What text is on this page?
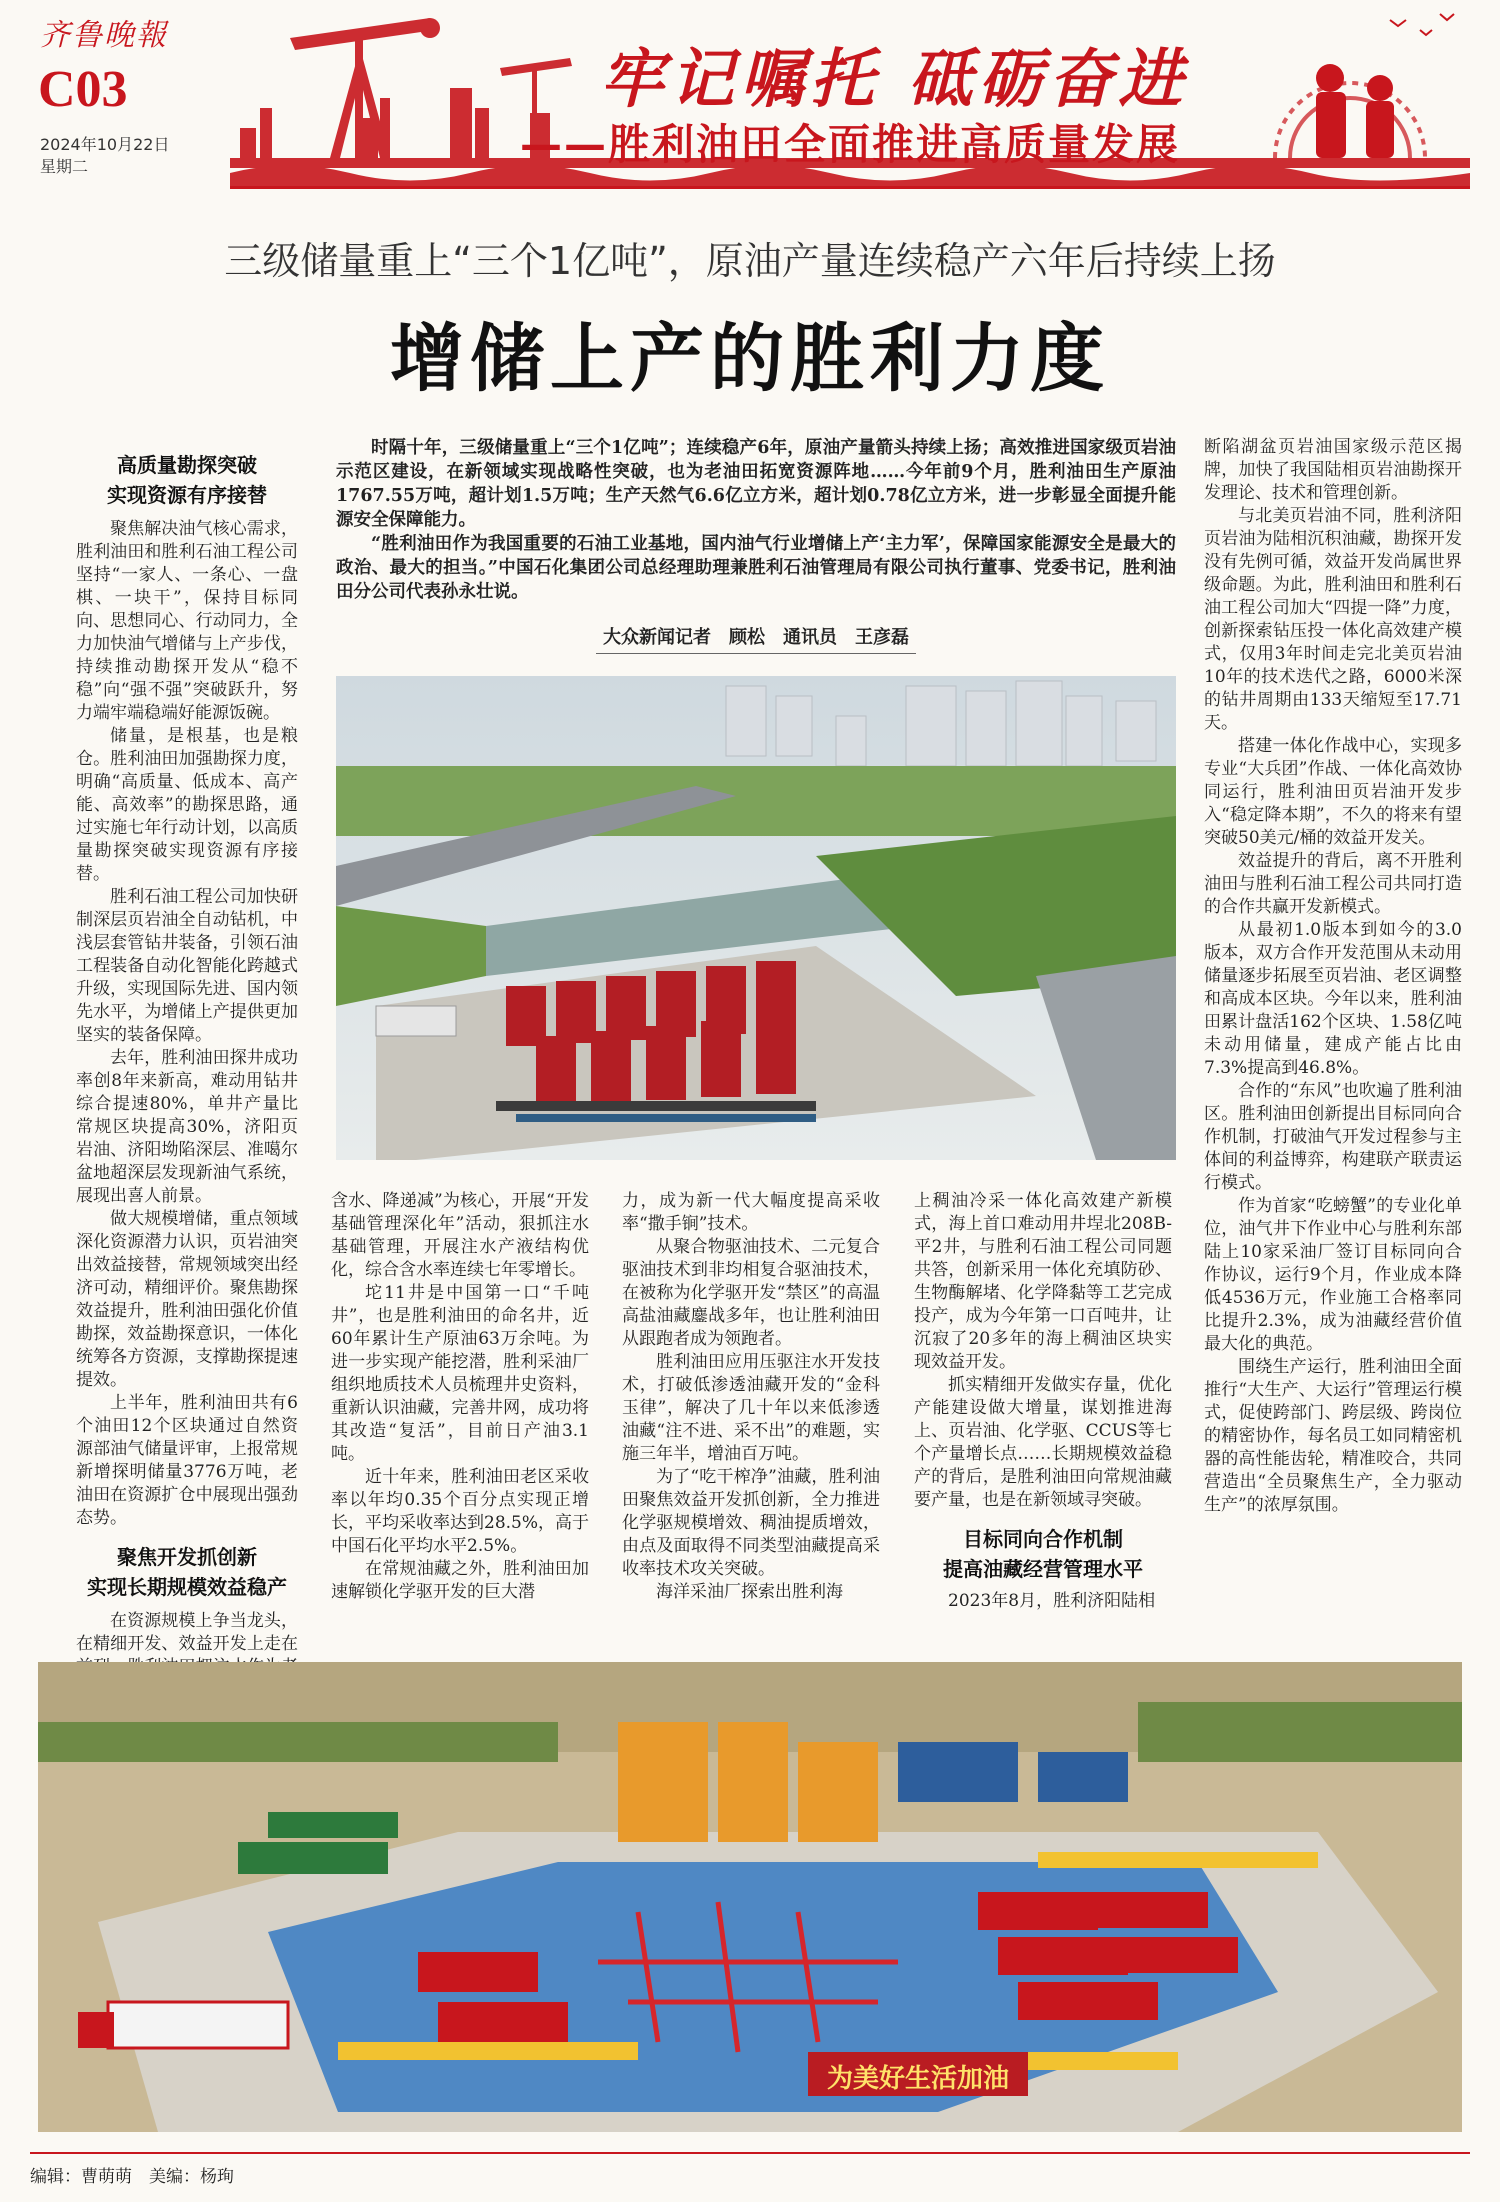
齐鲁晚報
C03
2024年10月22日
星期二
牢记嘱托 砥砺奋进
——胜利油田全面推进高质量发展
三级储量重上“三个1亿吨”，原油产量连续稳产六年后持续上扬
增储上产的胜利力度

时隔十年，三级储量重上“三个1亿吨”；连续稳产6年，原油产量箭头持续上扬；高效推进国家级页岩油示范区建设，在新领域实现战略性突破，也为老油田拓宽资源阵地……今年前9个月，胜利油田生产原油1767.55万吨，超计划1.5万吨；生产天然气6.6亿立方米，超计划0.78亿立方米，进一步彰显全面提升能源安全保障能力。

“胜利油田作为我国重要的石油工业基地，国内油气行业增储上产‘主力军’，保障国家能源安全是最大的政治、最大的担当。”中国石化集团公司总经理助理兼胜利石油管理局有限公司执行董事、党委书记，胜利油田分公司代表孙永壮说。

大众新闻记者　顾松　通讯员　王彦磊
高质量勘探突破
实现资源有序接替

聚焦解决油气核心需求，胜利油田和胜利石油工程公司坚持“一家人、一条心、一盘棋、一块干”，保持目标同向、思想同心、行动同力，全力加快油气增储与上产步伐，持续推动勘探开发从“稳不稳”向“强不强”突破跃升，努力端牢端稳端好能源饭碗。

储量，是根基，也是粮仓。胜利油田加强勘探力度，明确“高质量、低成本、高产能、高效率”的勘探思路，通过实施七年行动计划，以高质量勘探突破实现资源有序接替。

胜利石油工程公司加快研制深层页岩油全自动钻机，中浅层套管钻井装备，引领石油工程装备自动化智能化跨越式升级，实现国际先进、国内领先水平，为增储上产提供更加坚实的装备保障。

去年，胜利油田探井成功率创8年来新高，难动用钻井综合提速80%，单井产量比常规区块提高30%，济阳页岩油、济阳坳陷深层、准噶尔盆地超深层发现新油气系统，展现出喜人前景。

做大规模增储，重点领域深化资源潜力认识，页岩油突出效益接替，常规领域突出经济可动，精细评价。聚焦勘探效益提升，胜利油田强化价值勘探，效益勘探意识，一体化统筹各方资源，支撑勘探提速提效。

上半年，胜利油田共有6个油田12个区块通过自然资源部油气储量评审，上报常规新增探明储量3776万吨，老油田在资源扩仓中展现出强劲态势。

聚焦开发抓创新
实现长期规模效益稳产

在资源规模上争当龙头，在精细开发、效益开发上走在

含水、降递减”为核心，开展“开发基础管理深化年”活动，狠抓注水基础管理，开展注水产液结构优化，综合含水率连续七年零增长。

坨11井是中国第一口“千吨井”，也是胜利油田的命名井，近60年累计生产原油63万余吨。为进一步实现产能挖潜，胜利采油厂组织地质技术人员梳理井史资料，重新认识油藏，完善井网，成功将其改造“复活”，目前日产油3.1吨。

近十年来，胜利油田老区采收率以年均0.35个百分点实现正增长，平均采收率达到28.5%，高于中国石化平均水平2.5%。

在常规油藏之外，胜利油田加速解锁化学驱开发的巨大潜

力，成为新一代大幅度提高采收率“撒手锏”技术。

从聚合物驱油技术、二元复合驱油技术到非均相复合驱油技术，在被称为化学驱开发“禁区”的高温高盐油藏鏖战多年，也让胜利油田从跟跑者成为领跑者。

胜利油田应用压驱注水开发技术，打破低渗透油藏开发的“金科玉律”，解决了几十年以来低渗透油藏“注不进、采不出”的难题，实施三年半，增油百万吨。

为了“吃干榨净”油藏，胜利油田聚焦效益开发抓创新，全力推进化学驱规模增效、稠油提质增效，由点及面取得不同类型油藏提高采收率技术攻关突破。

海洋采油厂探索出胜利海

上稠油冷采一体化高效建产新模式，海上首口难动用井埕北208B-平2井，与胜利石油工程公司同题共答，创新采用一体化充填防砂、生物酶解堵、化学降黏等工艺完成投产，成为今年第一口百吨井，让沉寂了20多年的海上稠油区块实现效益开发。

抓实精细开发做实存量，优化产能建设做大增量，谋划推进海上、页岩油、化学驱、CCUS等七个产量增长点……长期规模效益稳产的背后，是胜利油田向常规油藏要产量，也是在新领域寻突破。

目标同向合作机制
提高油藏经营管理水平

2023年8月，胜利济阳陆相

断陷湖盆页岩油国家级示范区揭牌，加快了我国陆相页岩油勘探开发理论、技术和管理创新。

与北美页岩油不同，胜利济阳页岩油为陆相沉积油藏，勘探开发没有先例可循，效益开发尚属世界级命题。为此，胜利油田和胜利石油工程公司加大“四提一降”力度，创新探索钻压投一体化高效建产模式，仅用3年时间走完北美页岩油10年的技术迭代之路，6000米深的钻井周期由133天缩短至17.71天。

搭建一体化作战中心，实现多专业“大兵团”作战、一体化高效协同运行，胜利油田页岩油开发步入“稳定降本期”，不久的将来有望突破50美元/桶的效益开发关。

效益提升的背后，离不开胜利油田与胜利石油工程公司共同打造的合作共赢开发新模式。

从最初1.0版本到如今的3.0版本，双方合作开发范围从未动用储量逐步拓展至页岩油、老区调整和高成本区块。今年以来，胜利油田累计盘活162个区块、1.58亿吨未动用储量，建成产能占比由7.3%提高到46.8%。

合作的“东风”也吹遍了胜利油区。胜利油田创新提出目标同向合作机制，打破油气开发过程参与主体间的利益博弈，构建联产联责运行模式。

作为首家“吃螃蟹”的专业化单位，油气井下作业中心与胜利东部陆上10家采油厂签订目标同向合作协议，运行9个月，作业成本降低4536万元，作业施工合格率同比提升2.3%，成为油藏经营价值最大化的典范。

围绕生产运行，胜利油田全面推行“大生产、大运行”管理运行模式，促使跨部门、跨层级、跨岗位的精密协作，每名员工如同精密机器的高性能齿轮，精准咬合，共同营造出“全员聚焦生产，全力驱动生产”的浓厚氛围。

为美好生活加油
编辑：曹萌萌　美编：杨珣
